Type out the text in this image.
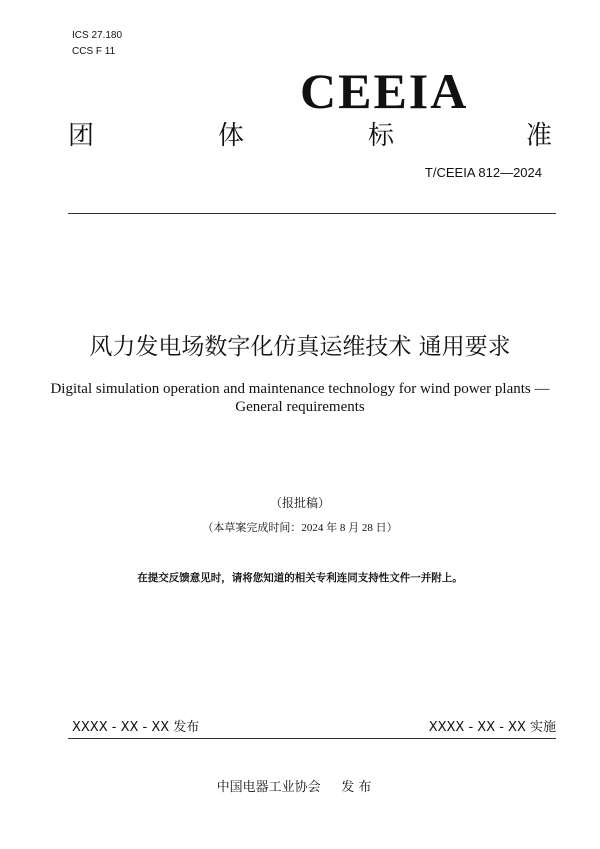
ICS 27.180
CCS F 11
CEEIA
团	体	标	准
T/CEEIA 812—2024
风力发电场数字化仿真运维技术 通用要求
Digital simulation operation and maintenance technology for wind power plants —
General requirements
（报批稿）
（本草案完成时间：2024 年 8 月 28 日）
在提交反馈意见时，请将您知道的相关专利连同支持性文件一并附上。
XXXX - XX - XX 发布	XXXX - XX - XX 实施
中国电器工业协会     发 布
